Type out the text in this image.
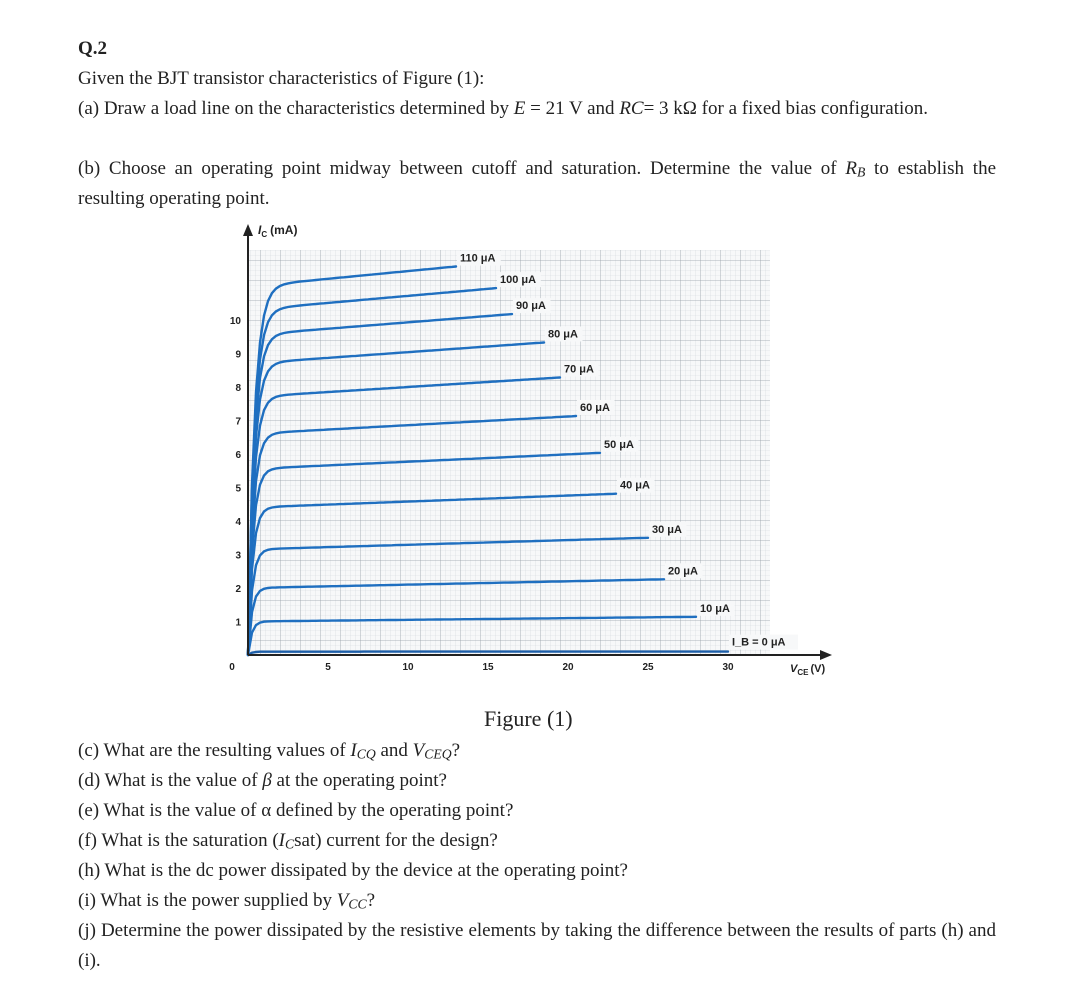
Q.2

Given the BJT transistor characteristics of Figure (1):

(a) Draw a load line on the characteristics determined by E = 21 V and RC= 3 kΩ for a fixed bias configuration.

(b) Choose an operating point midway between cutoff and saturation. Determine the value of $R_B$ to establish the resulting operating point.

I_B = 0 μA
10 μA
20 μA
30 μA
40 μA
50 μA
60 μA
70 μA
80 μA
90 μA
100 μA
110 μA
0	5	10	15	20	25	30
1
2
3
4
5
6
7
8
9
10
$I_C$ (mA)
$V_{CE}$ (V)

Figure (1)

(c) What are the resulting values of $I_{CQ}$ and $V_{CEQ}$?

(d) What is the value of β at the operating point?

(e) What is the value of α defined by the operating point?

(f) What is the saturation $(I_Csat)$ current for the design?

(h) What is the dc power dissipated by the device at the operating point?

(i) What is the power supplied by $V_{CC}$?

(j) Determine the power dissipated by the resistive elements by taking the difference between the results of parts (h) and (i).
